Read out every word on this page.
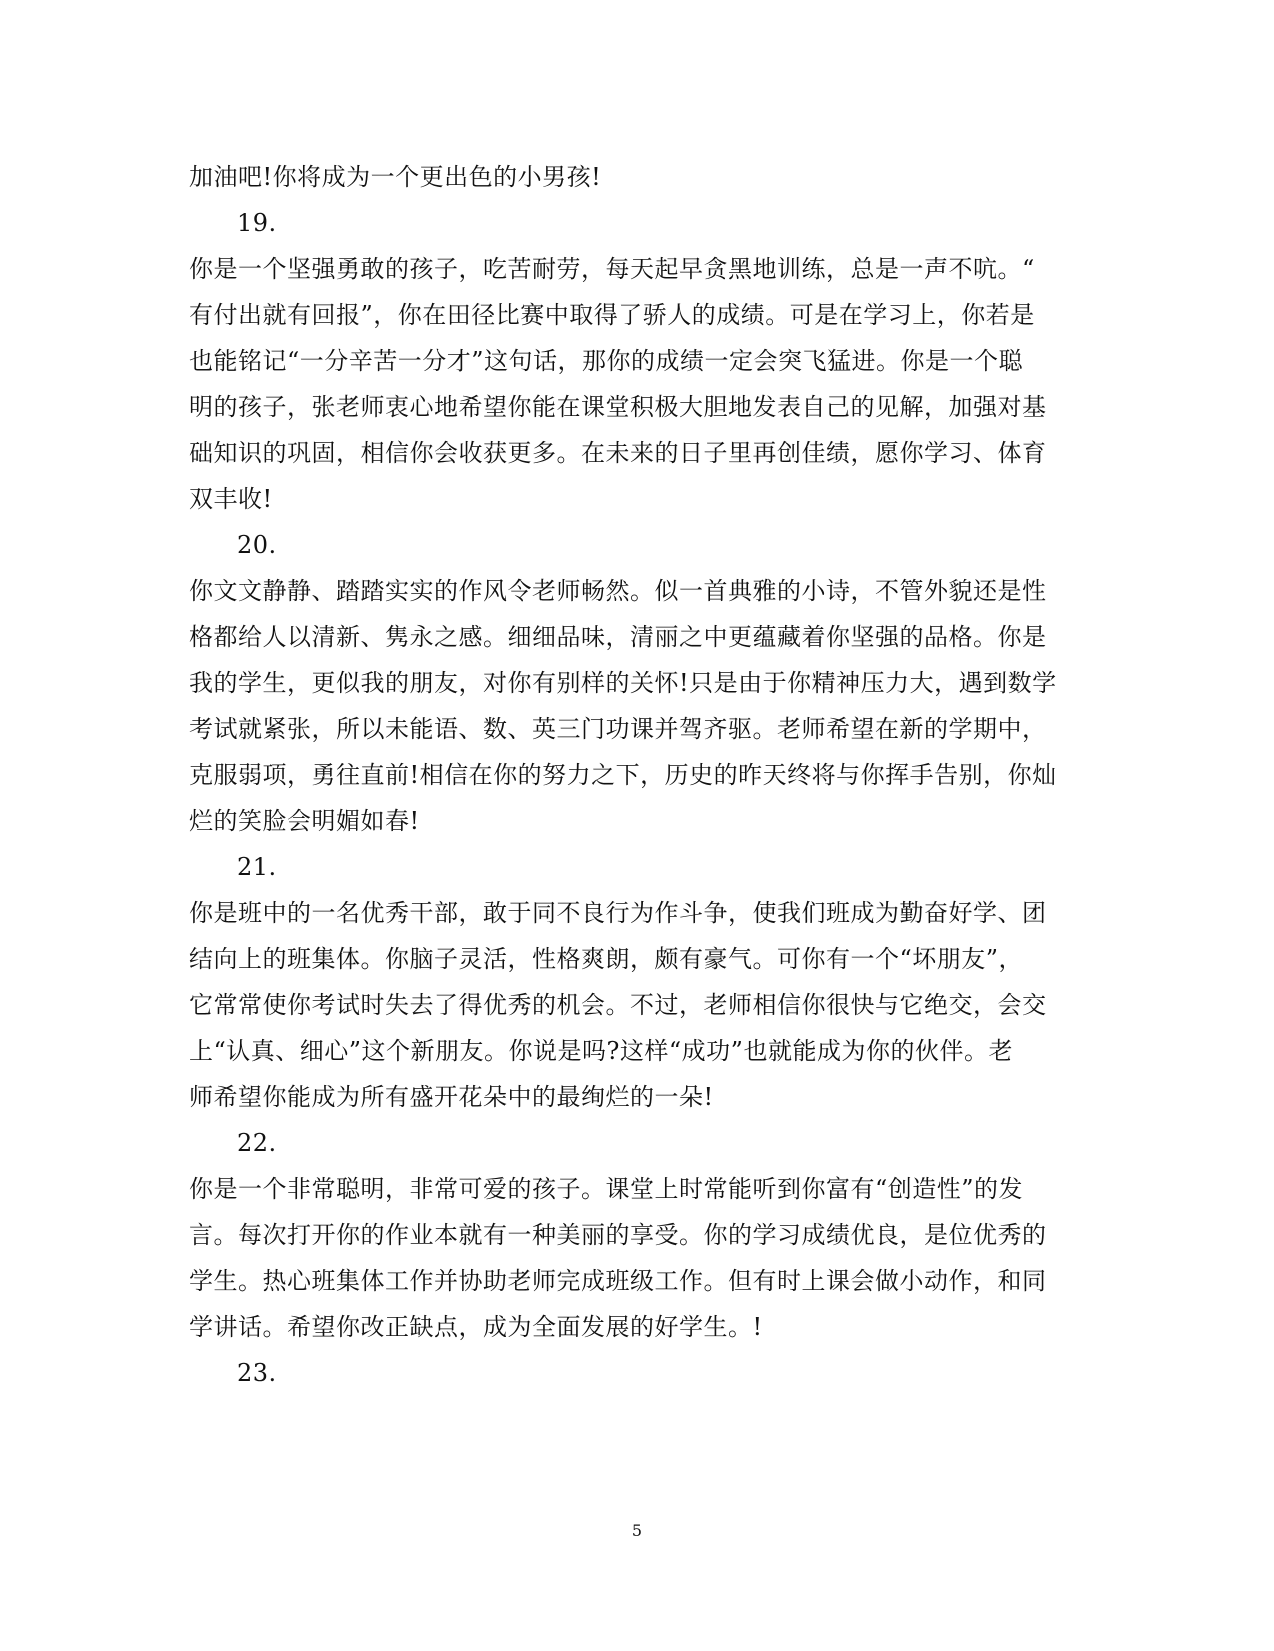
加油吧!你将成为一个更出色的小男孩!
19.
你是一个坚强勇敢的孩子，吃苦耐劳，每天起早贪黑地训练，总是一声不吭。“
有付出就有回报”，你在田径比赛中取得了骄人的成绩。可是在学习上，你若是
也能铭记“一分辛苦一分才”这句话，那你的成绩一定会突飞猛进。你是一个聪
明的孩子，张老师衷心地希望你能在课堂积极大胆地发表自己的见解，加强对基
础知识的巩固，相信你会收获更多。在未来的日子里再创佳绩，愿你学习、体育
双丰收!
20.
你文文静静、踏踏实实的作风令老师畅然。似一首典雅的小诗，不管外貌还是性
格都给人以清新、隽永之感。细细品味，清丽之中更蕴藏着你坚强的品格。你是
我的学生，更似我的朋友，对你有别样的关怀!只是由于你精神压力大，遇到数学
考试就紧张，所以未能语、数、英三门功课并驾齐驱。老师希望在新的学期中，
克服弱项，勇往直前!相信在你的努力之下，历史的昨天终将与你挥手告别，你灿
烂的笑脸会明媚如春!
21.
你是班中的一名优秀干部，敢于同不良行为作斗争，使我们班成为勤奋好学、团
结向上的班集体。你脑子灵活，性格爽朗，颇有豪气。可你有一个“坏朋友”，
它常常使你考试时失去了得优秀的机会。不过，老师相信你很快与它绝交，会交
上“认真、细心”这个新朋友。你说是吗?这样“成功”也就能成为你的伙伴。老
师希望你能成为所有盛开花朵中的最绚烂的一朵!
22.
你是一个非常聪明，非常可爱的孩子。课堂上时常能听到你富有“创造性”的发
言。每次打开你的作业本就有一种美丽的享受。你的学习成绩优良，是位优秀的
学生。热心班集体工作并协助老师完成班级工作。但有时上课会做小动作，和同
学讲话。希望你改正缺点，成为全面发展的好学生。!
23.
5
